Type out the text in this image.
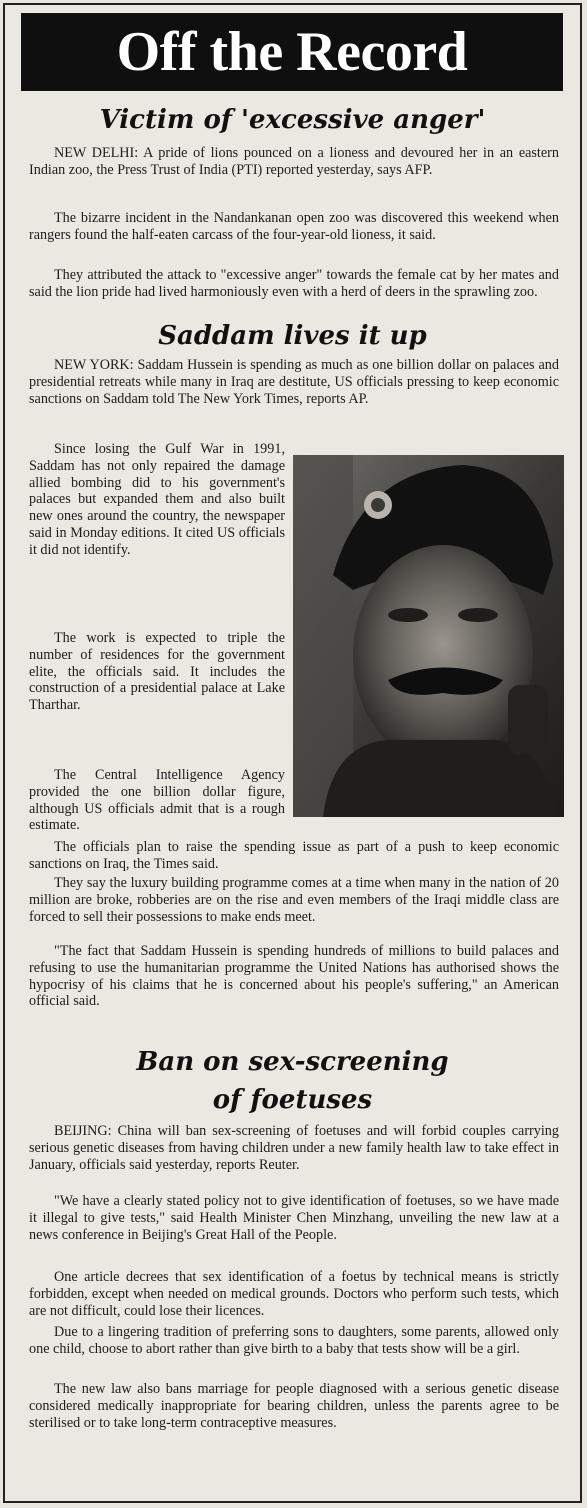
Off the Record
Victim of 'excessive anger'
NEW DELHI: A pride of lions pounced on a lioness and devoured her in an eastern Indian zoo, the Press Trust of India (PTI) reported yesterday, says AFP.
The bizarre incident in the Nandankanan open zoo was discovered this weekend when rangers found the half-eaten carcass of the four-year-old lioness, it said.
They attributed the attack to "excessive anger" towards the female cat by her mates and said the lion pride had lived harmoniously even with a herd of deers in the sprawling zoo.
Saddam lives it up
NEW YORK: Saddam Hussein is spending as much as one billion dollar on palaces and presidential retreats while many in Iraq are destitute, US officials pressing to keep economic sanctions on Saddam told The New York Times, reports AP.
Since losing the Gulf War in 1991, Saddam has not only repaired the damage allied bombing did to his government's palaces but expanded them and also built new ones around the country, the newspaper said in Monday editions. It cited US officials it did not identify.
The work is expected to triple the number of residences for the government elite, the officials said. It includes the construction of a presidential palace at Lake Tharthar.
The Central Intelligence Agency provided the one billion dollar figure, although US officials admit that is a rough estimate.
The officials plan to raise the spending issue as part of a push to keep economic sanctions on Iraq, the Times said.
They say the luxury building programme comes at a time when many in the nation of 20 million are broke, robberies are on the rise and even members of the Iraqi middle class are forced to sell their possessions to make ends meet.
"The fact that Saddam Hussein is spending hundreds of millions to build palaces and refusing to use the humanitarian programme the United Nations has authorised shows the hypocrisy of his claims that he is concerned about his people's suffering," an American official said.
Ban on sex-screening
of foetuses
BEIJING: China will ban sex-screening of foetuses and will forbid couples carrying serious genetic diseases from having children under a new family health law to take effect in January, officials said yesterday, reports Reuter.
"We have a clearly stated policy not to give identification of foetuses, so we have made it illegal to give tests," said Health Minister Chen Minzhang, unveiling the new law at a news conference in Beijing's Great Hall of the People.
One article decrees that sex identification of a foetus by technical means is strictly forbidden, except when needed on medical grounds. Doctors who perform such tests, which are not difficult, could lose their licences.
Due to a lingering tradition of preferring sons to daughters, some parents, allowed only one child, choose to abort rather than give birth to a baby that tests show will be a girl.
The new law also bans marriage for people diagnosed with a serious genetic disease considered medically inappropriate for bearing children, unless the parents agree to be sterilised or to take long-term contraceptive measures.
